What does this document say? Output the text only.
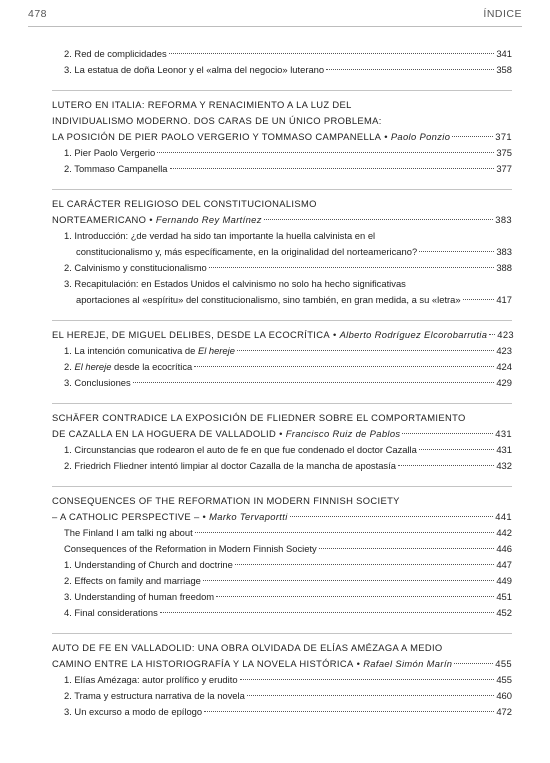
478	ÍNDICE
2. Red de complicidades	341
3. La estatua de doña Leonor y el «alma del negocio» luterano	358
LUTERO EN ITALIA: REFORMA Y RENACIMIENTO A LA LUZ DEL
INDIVIDUALISMO MODERNO. DOS CARAS DE UN ÚNICO PROBLEMA:
LA POSICIÓN DE PIER PAOLO VERGERIO Y TOMMASO CAMPANELLA
•
Paolo Ponzio	371
1. Pier Paolo Vergerio	375
2. Tommaso Campanella	377
EL CARÁCTER RELIGIOSO DEL CONSTITUCIONALISMO
NORTEAMERICANO
•
Fernando Rey Martínez	383
1. Introducción: ¿de verdad ha sido tan importante la huella calvinista en el
constitucionalismo y, más específicamente, en la originalidad del norteamericano?	383
2. Calvinismo y constitucionalismo	388
3. Recapitulación: en Estados Unidos el calvinismo no solo ha hecho significativas
aportaciones al «espíritu» del constitucionalismo, sino también, en gran medida, a su «letra»	417
EL HEREJE, DE MIGUEL DELIBES, DESDE LA ECOCRÍTICA
•
Alberto Rodríguez Elcorobarrutia 423
1. La intención comunicativa de El hereje	423
2. El hereje desde la ecocrítica	424
3. Conclusiones	429
SCHÄFER CONTRADICE LA EXPOSICIÓN DE FLIEDNER SOBRE EL COMPORTAMIENTO
DE CAZALLA EN LA HOGUERA DE VALLADOLID
•
Francisco Ruiz de Pablos	431
1. Circunstancias que rodearon el auto de fe en que fue condenado el doctor Cazalla	431
2. Friedrich Fliedner intentó limpiar al doctor Cazalla de la mancha de apostasía	432
CONSEQUENCES OF THE REFORMATION IN MODERN FINNISH SOCIETY
– A CATHOLIC PERSPECTIVE –
•
Marko Tervaportti	441
The Finland I am talki ng about	442
Consequences of the Reformation in Modern Finnish Society	446
1. Understanding of Church and doctrine	447
2. Effects on family and marriage	449
3. Understanding of human freedom	451
4. Final considerations	452
AUTO DE FE EN VALLADOLID: UNA OBRA OLVIDADA DE ELÍAS AMÉZAGA A MEDIO
CAMINO ENTRE LA HISTORIOGRAFÍA Y LA NOVELA HISTÓRICA
•
Rafael Simón Marín	455
1. Elías Amézaga: autor prolífico y erudito	455
2. Trama y estructura narrativa de la novela	460
3. Un excurso a modo de epílogo	472
